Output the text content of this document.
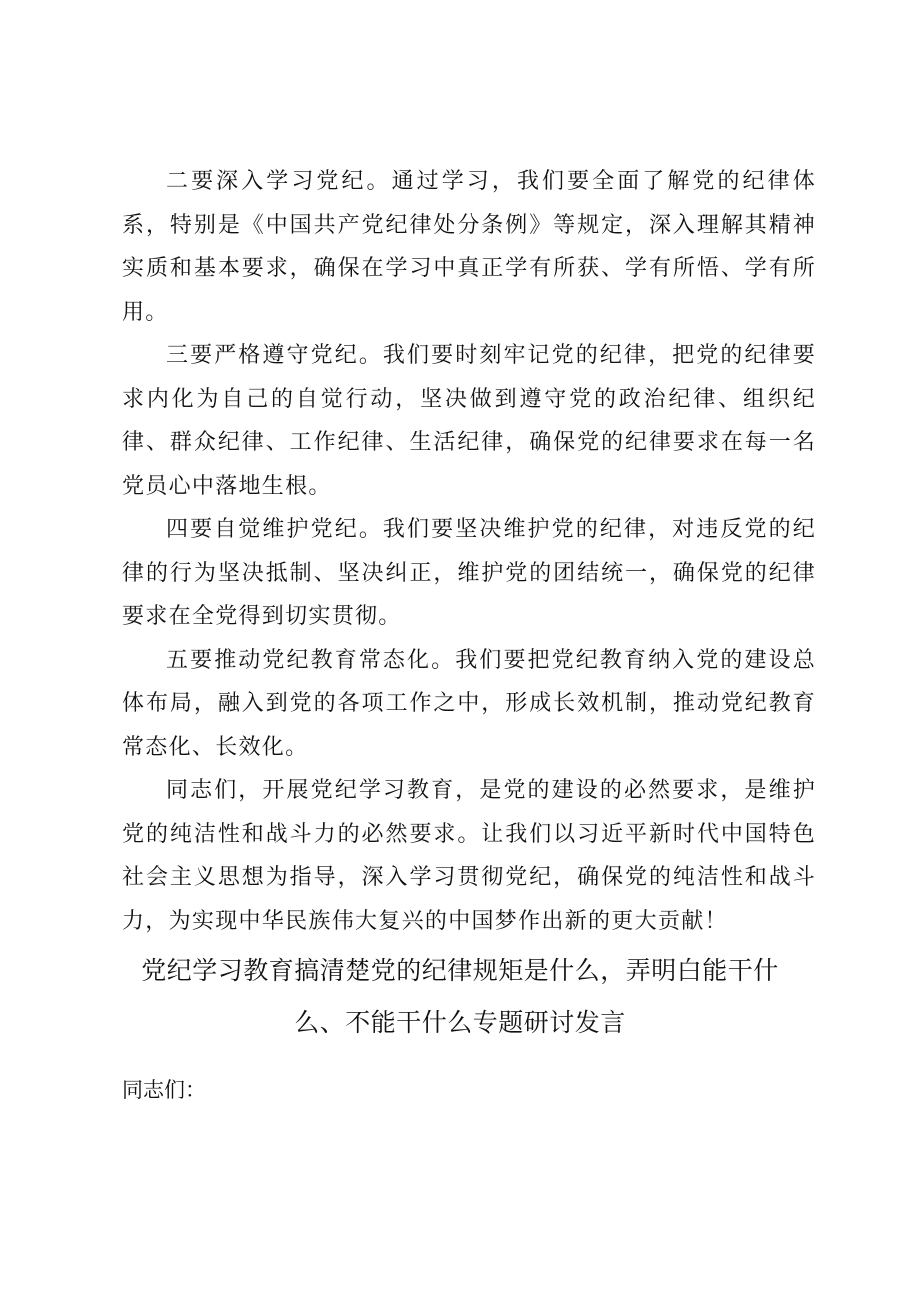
二要深入学习党纪。通过学习，我们要全面了解党的纪律体系，特别是《中国共产党纪律处分条例》等规定，深入理解其精神实质和基本要求，确保在学习中真正学有所获、学有所悟、学有所用。

三要严格遵守党纪。我们要时刻牢记党的纪律，把党的纪律要求内化为自己的自觉行动，坚决做到遵守党的政治纪律、组织纪律、群众纪律、工作纪律、生活纪律，确保党的纪律要求在每一名党员心中落地生根。

四要自觉维护党纪。我们要坚决维护党的纪律，对违反党的纪律的行为坚决抵制、坚决纠正，维护党的团结统一，确保党的纪律要求在全党得到切实贯彻。

五要推动党纪教育常态化。我们要把党纪教育纳入党的建设总体布局，融入到党的各项工作之中，形成长效机制，推动党纪教育常态化、长效化。

同志们，开展党纪学习教育，是党的建设的必然要求，是维护党的纯洁性和战斗力的必然要求。让我们以习近平新时代中国特色社会主义思想为指导，深入学习贯彻党纪，确保党的纯洁性和战斗力，为实现中华民族伟大复兴的中国梦作出新的更大贡献！

党纪学习教育搞清楚党的纪律规矩是什么，弄明白能干什么、不能干什么专题研讨发言

同志们：
